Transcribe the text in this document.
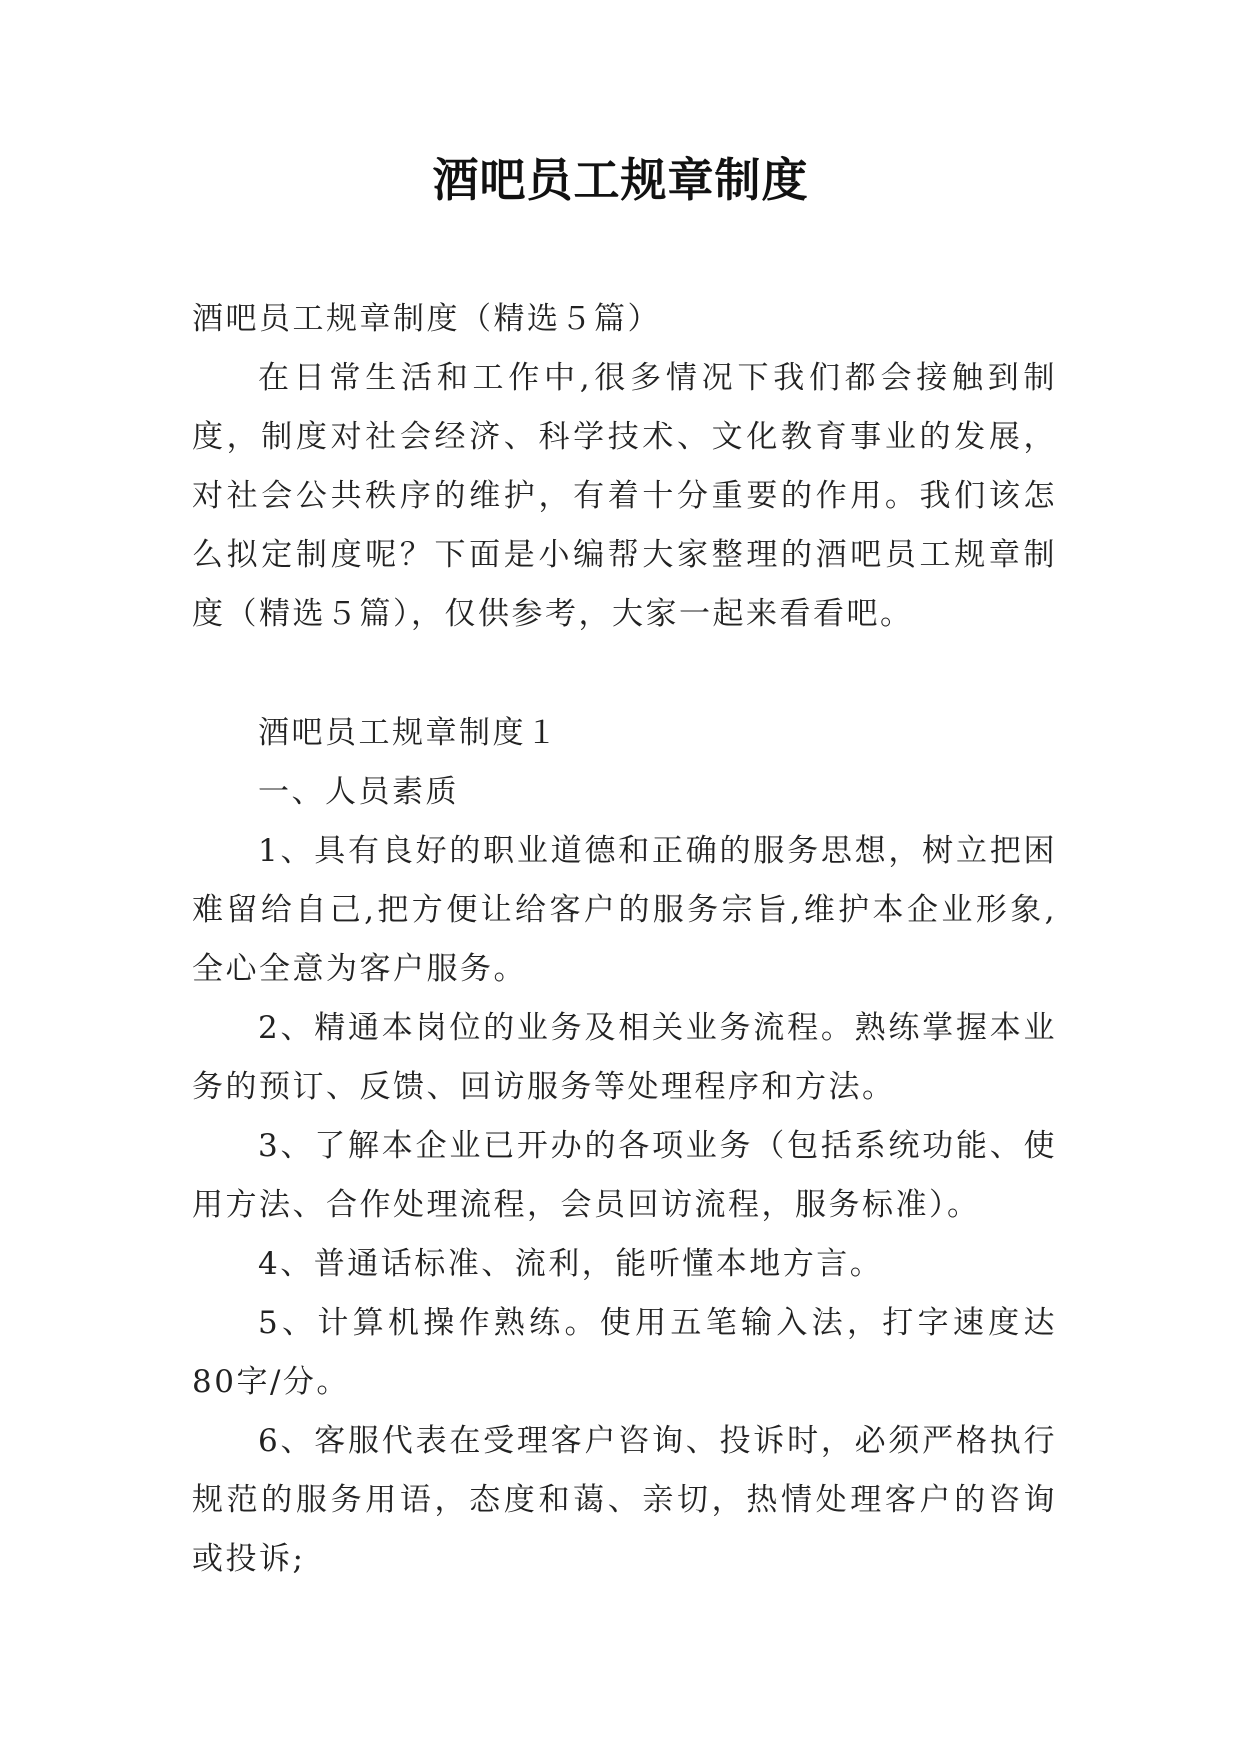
酒吧员工规章制度

酒吧员工规章制度（精选５篇）

在日常生活和工作中,很多情况下我们都会接触到制度，制度对社会经济、科学技术、文化教育事业的发展，对社会公共秩序的维护，有着十分重要的作用。我们该怎么拟定制度呢？下面是小编帮大家整理的酒吧员工规章制度（精选５篇），仅供参考，大家一起来看看吧。

酒吧员工规章制度１

一、人员素质

1、具有良好的职业道德和正确的服务思想，树立把困难留给自己,把方便让给客户的服务宗旨,维护本企业形象,全心全意为客户服务。

2、精通本岗位的业务及相关业务流程。熟练掌握本业务的预订、反馈、回访服务等处理程序和方法。

3、了解本企业已开办的各项业务（包括系统功能、使用方法、合作处理流程，会员回访流程，服务标准）。

4、普通话标准、流利，能听懂本地方言。

5、计算机操作熟练。使用五笔输入法，打字速度达80字/分。

6、客服代表在受理客户咨询、投诉时，必须严格执行规范的服务用语，态度和蔼、亲切，热情处理客户的咨询或投诉;
